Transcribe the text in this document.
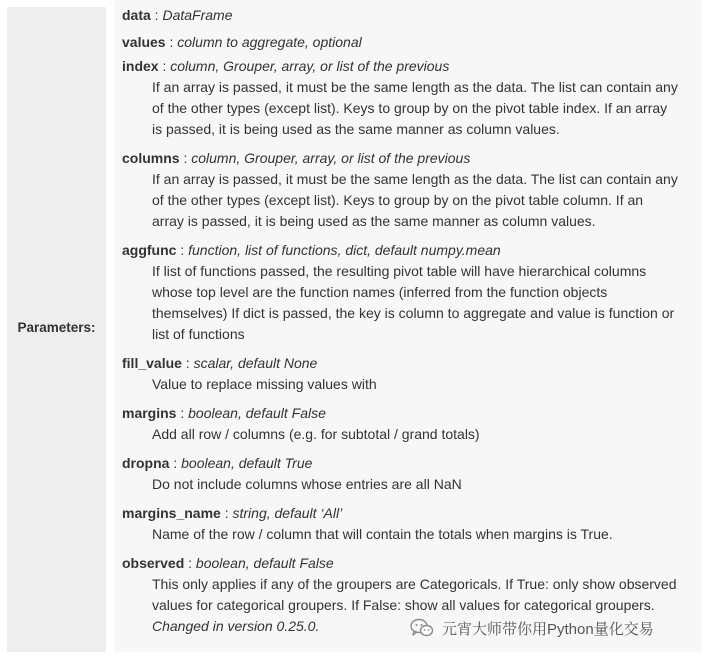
Parameters:
data : DataFrame
values : column to aggregate, optional
index : column, Grouper, array, or list of the previous
If an array is passed, it must be the same length as the data. The list can contain any
of the other types (except list). Keys to group by on the pivot table index. If an array
is passed, it is being used as the same manner as column values.
columns : column, Grouper, array, or list of the previous
If an array is passed, it must be the same length as the data. The list can contain any
of the other types (except list). Keys to group by on the pivot table column. If an
array is passed, it is being used as the same manner as column values.
aggfunc : function, list of functions, dict, default numpy.mean
If list of functions passed, the resulting pivot table will have hierarchical columns
whose top level are the function names (inferred from the function objects
themselves) If dict is passed, the key is column to aggregate and value is function or
list of functions
fill_value : scalar, default None
Value to replace missing values with
margins : boolean, default False
Add all row / columns (e.g. for subtotal / grand totals)
dropna : boolean, default True
Do not include columns whose entries are all NaN
margins_name : string, default ‘All’
Name of the row / column that will contain the totals when margins is True.
observed : boolean, default False
This only applies if any of the groupers are Categoricals. If True: only show observed
values for categorical groupers. If False: show all values for categorical groupers.
Changed in version 0.25.0.	元宵大师带你用Python量化交易
